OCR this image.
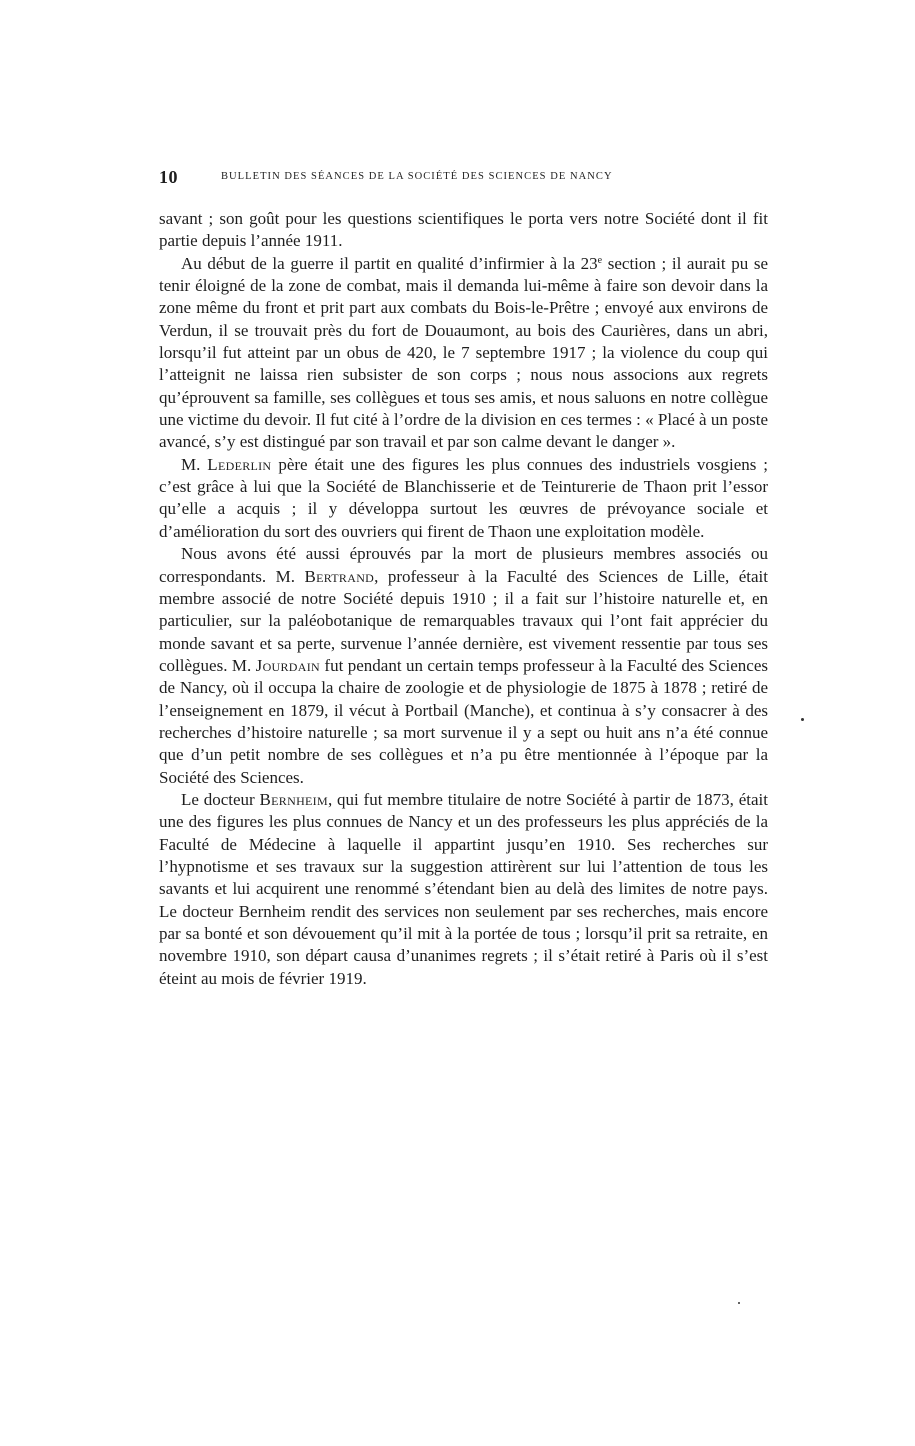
10	BULLETIN DES SÉANCES DE LA SOCIÉTÉ DES SCIENCES DE NANCY

savant ; son goût pour les questions scientifiques le porta vers notre Société dont il fit partie depuis l’année 1911.

Au début de la guerre il partit en qualité d’infirmier à la 23e section ; il aurait pu se tenir éloigné de la zone de combat, mais il demanda lui-même à faire son devoir dans la zone même du front et prit part aux combats du Bois-le-Prêtre ; envoyé aux environs de Verdun, il se trouvait près du fort de Douaumont, au bois des Caurières, dans un abri, lorsqu’il fut atteint par un obus de 420, le 7 septembre 1917 ; la violence du coup qui l’atteignit ne laissa rien subsister de son corps ; nous nous associons aux regrets qu’éprouvent sa famille, ses collègues et tous ses amis, et nous saluons en notre collègue une victime du devoir. Il fut cité à l’ordre de la division en ces termes : « Placé à un poste avancé, s’y est distingué par son travail et par son calme devant le danger ».

M. Lederlin père était une des figures les plus connues des industriels vosgiens ; c’est grâce à lui que la Société de Blanchisserie et de Teinturerie de Thaon prit l’essor qu’elle a acquis ; il y développa surtout les œuvres de prévoyance sociale et d’amélioration du sort des ouvriers qui firent de Thaon une exploitation modèle.

Nous avons été aussi éprouvés par la mort de plusieurs membres associés ou correspondants. M. Bertrand, professeur à la Faculté des Sciences de Lille, était membre associé de notre Société depuis 1910 ; il a fait sur l’histoire naturelle et, en particulier, sur la paléobotanique de remarquables travaux qui l’ont fait apprécier du monde savant et sa perte, survenue l’année dernière, est vivement ressentie par tous ses collègues. M. Jourdain fut pendant un certain temps professeur à la Faculté des Sciences de Nancy, où il occupa la chaire de zoologie et de physiologie de 1875 à 1878 ; retiré de l’enseignement en 1879, il vécut à Portbail (Manche), et continua à s’y consacrer à des recherches d’histoire naturelle ; sa mort survenue il y a sept ou huit ans n’a été connue que d’un petit nombre de ses collègues et n’a pu être mentionnée à l’époque par la Société des Sciences.

Le docteur Bernheim, qui fut membre titulaire de notre Société à partir de 1873, était une des figures les plus connues de Nancy et un des professeurs les plus appréciés de la Faculté de Médecine à laquelle il appartint jusqu’en 1910. Ses recherches sur l’hypnotisme et ses travaux sur la suggestion attirèrent sur lui l’attention de tous les savants et lui acquirent une renommé s’étendant bien au delà des limites de notre pays. Le docteur Bernheim rendit des services non seulement par ses recherches, mais encore par sa bonté et son dévouement qu’il mit à la portée de tous ; lorsqu’il prit sa retraite, en novembre 1910, son départ causa d’unanimes regrets ; il s’était retiré à Paris où il s’est éteint au mois de février 1919.
